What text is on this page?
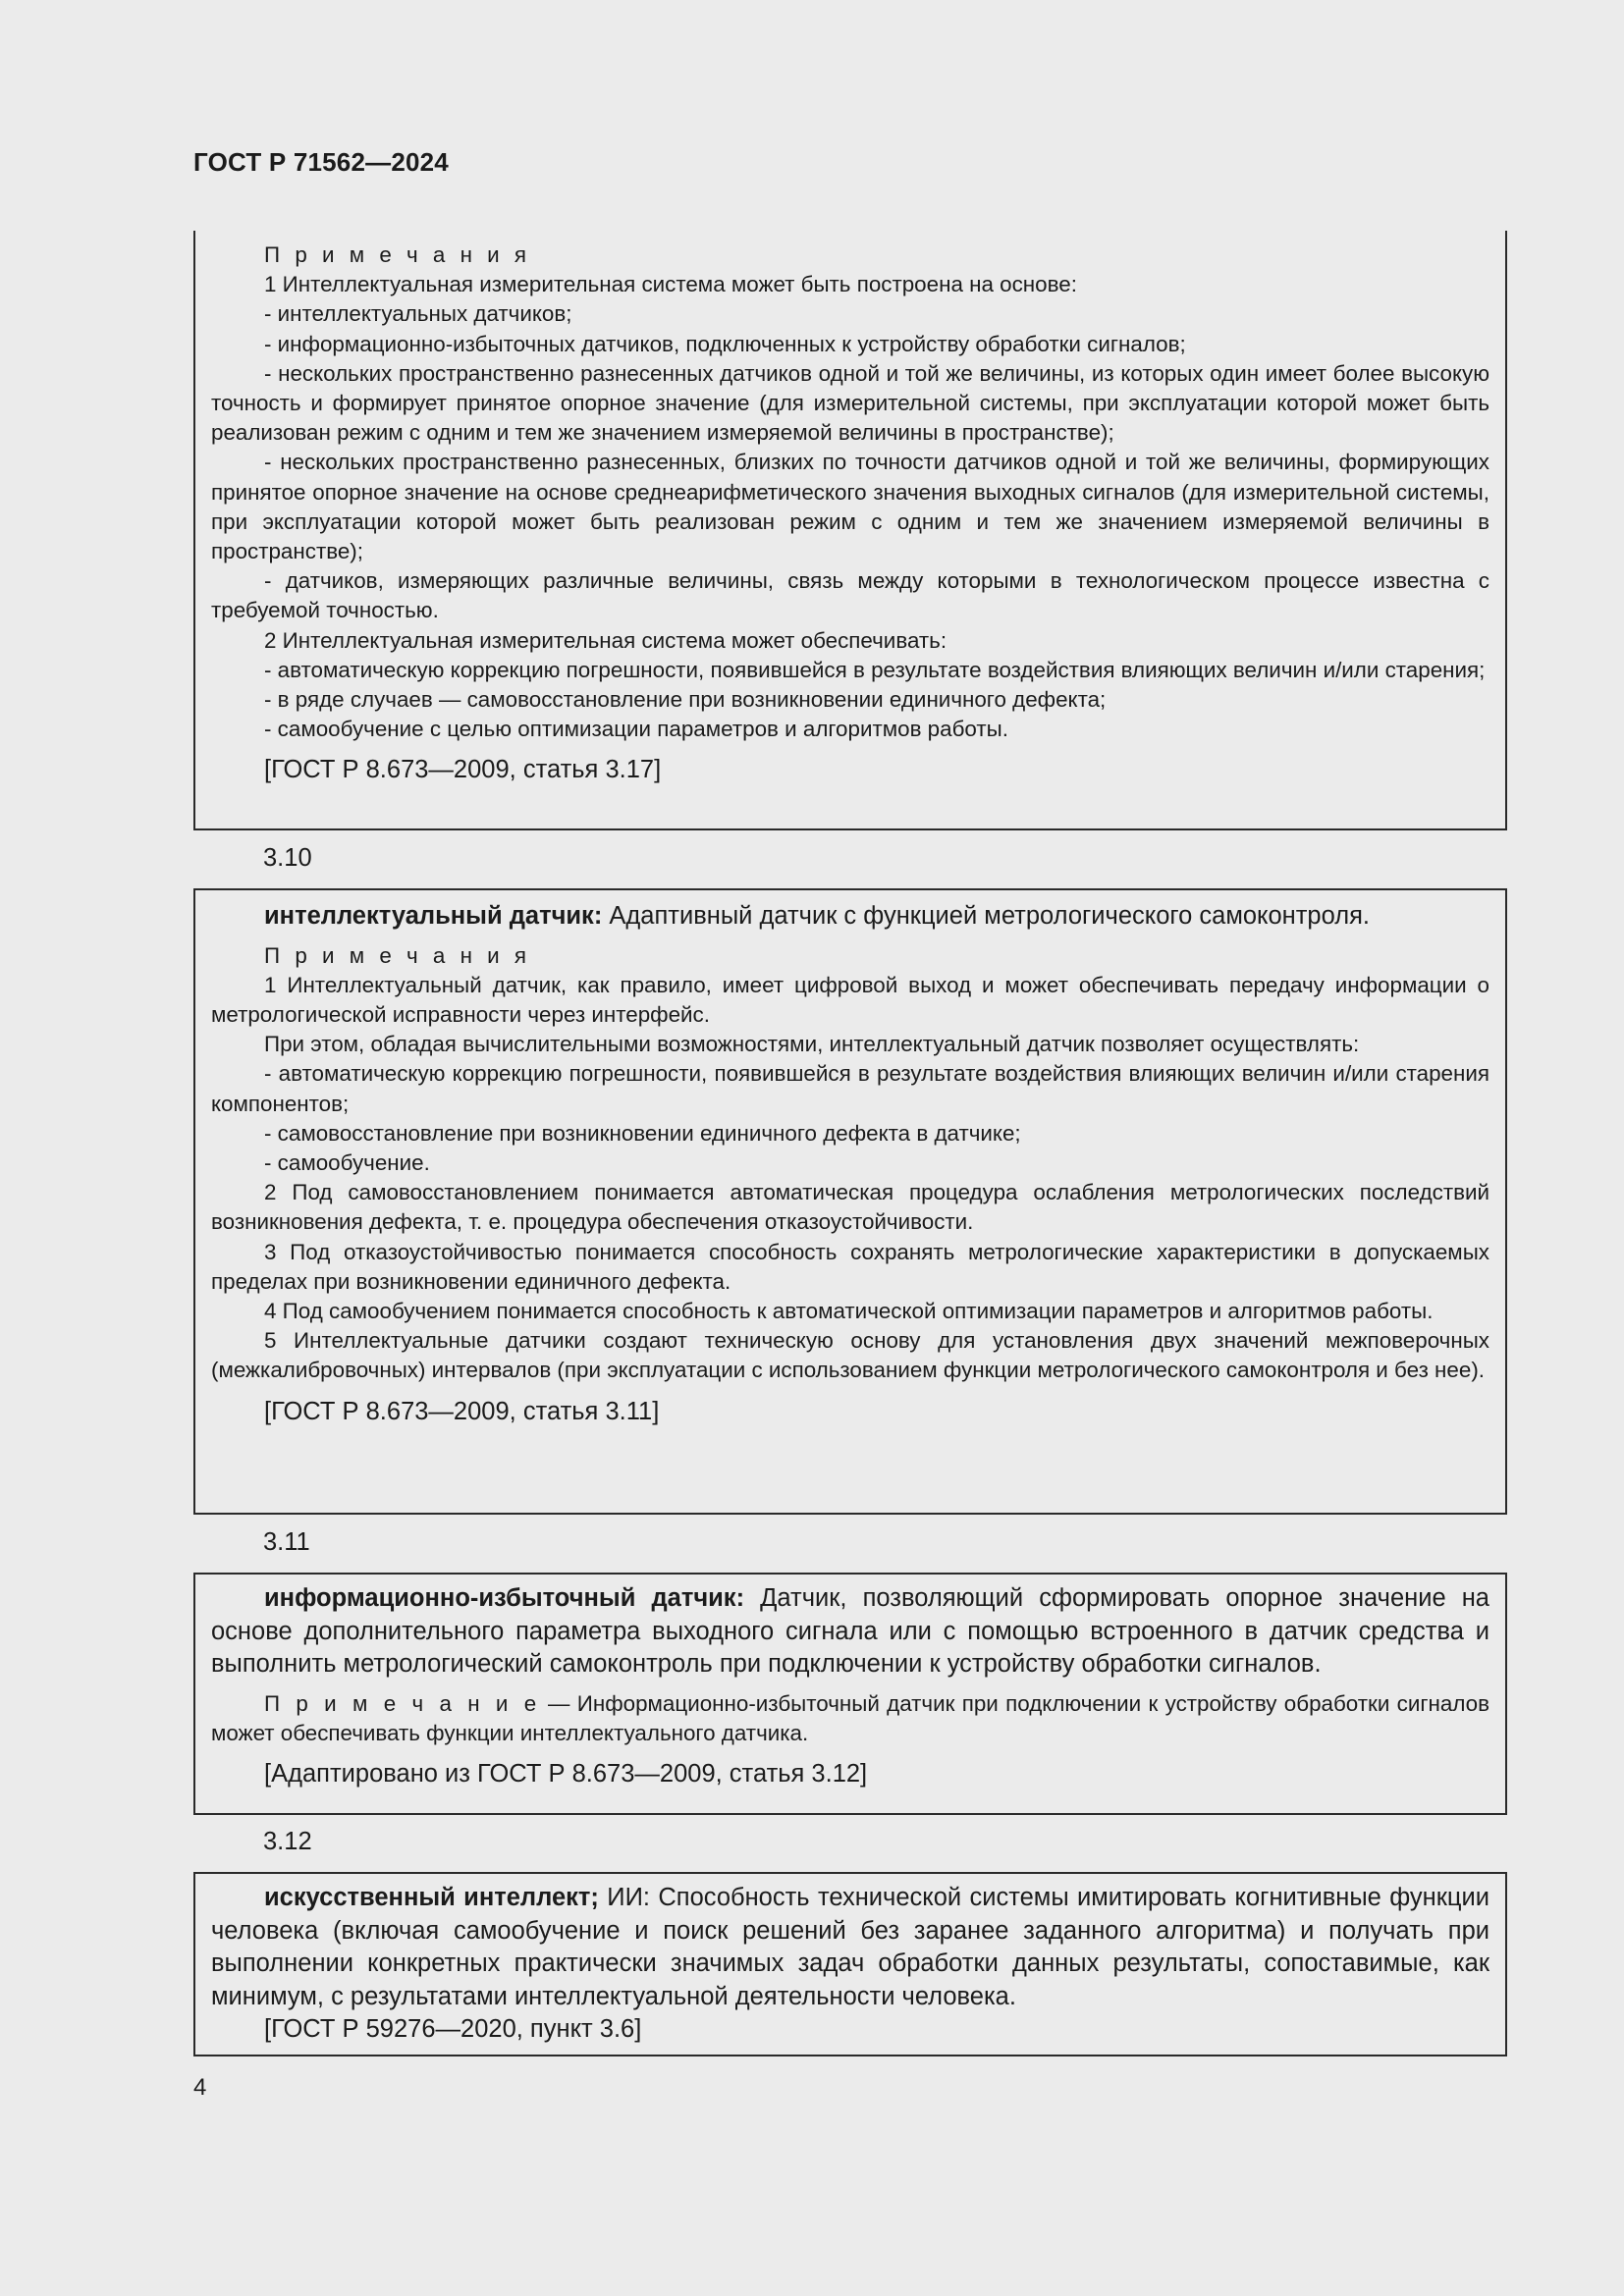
ГОСТ Р 71562—2024

П р и м е ч а н и я

1 Интеллектуальная измерительная система может быть построена на основе:

- интеллектуальных датчиков;

- информационно-избыточных датчиков, подключенных к устройству обработки сигналов;

- нескольких пространственно разнесенных датчиков одной и той же величины, из которых один имеет более высокую точность и формирует принятое опорное значение (для измерительной системы, при эксплуатации которой может быть реализован режим с одним и тем же значением измеряемой величины в пространстве);

- нескольких пространственно разнесенных, близких по точности датчиков одной и той же величины, формирующих принятое опорное значение на основе среднеарифметического значения выходных сигналов (для измерительной системы, при эксплуатации которой может быть реализован режим с одним и тем же значением измеряемой величины в пространстве);

- датчиков, измеряющих различные величины, связь между которыми в технологическом процессе известна с требуемой точностью.

2 Интеллектуальная измерительная система может обеспечивать:

- автоматическую коррекцию погрешности, появившейся в результате воздействия влияющих величин и/или старения;

- в ряде случаев — самовосстановление при возникновении единичного дефекта;

- самообучение с целью оптимизации параметров и алгоритмов работы.

[ГОСТ Р 8.673—2009, статья 3.17]

3.10

интеллектуальный датчик: Адаптивный датчик с функцией метрологического самоконтроля.

П р и м е ч а н и я

1 Интеллектуальный датчик, как правило, имеет цифровой выход и может обеспечивать передачу информации о метрологической исправности через интерфейс.

При этом, обладая вычислительными возможностями, интеллектуальный датчик позволяет осуществлять:

- автоматическую коррекцию погрешности, появившейся в результате воздействия влияющих величин и/или старения компонентов;

- самовосстановление при возникновении единичного дефекта в датчике;

- самообучение.

2 Под самовосстановлением понимается автоматическая процедура ослабления метрологических последствий возникновения дефекта, т. е. процедура обеспечения отказоустойчивости.

3 Под отказоустойчивостью понимается способность сохранять метрологические характеристики в допускаемых пределах при возникновении единичного дефекта.

4 Под самообучением понимается способность к автоматической оптимизации параметров и алгоритмов работы.

5 Интеллектуальные датчики создают техническую основу для установления двух значений межповерочных (межкалибровочных) интервалов (при эксплуатации с использованием функции метрологического самоконтроля и без нее).

[ГОСТ Р 8.673—2009, статья 3.11]

3.11

информационно-избыточный датчик: Датчик, позволяющий сформировать опорное значение на основе дополнительного параметра выходного сигнала или с помощью встроенного в датчик средства и выполнить метрологический самоконтроль при подключении к устройству обработки сигналов.

П р и м е ч а н и е — Информационно-избыточный датчик при подключении к устройству обработки сигналов может обеспечивать функции интеллектуального датчика.

[Адаптировано из ГОСТ Р 8.673—2009, статья 3.12]

3.12

искусственный интеллект; ИИ: Способность технической системы имитировать когнитивные функции человека (включая самообучение и поиск решений без заранее заданного алгоритма) и получать при выполнении конкретных практически значимых задач обработки данных результаты, сопоставимые, как минимум, с результатами интеллектуальной деятельности человека.

[ГОСТ Р 59276—2020, пункт 3.6]

4
